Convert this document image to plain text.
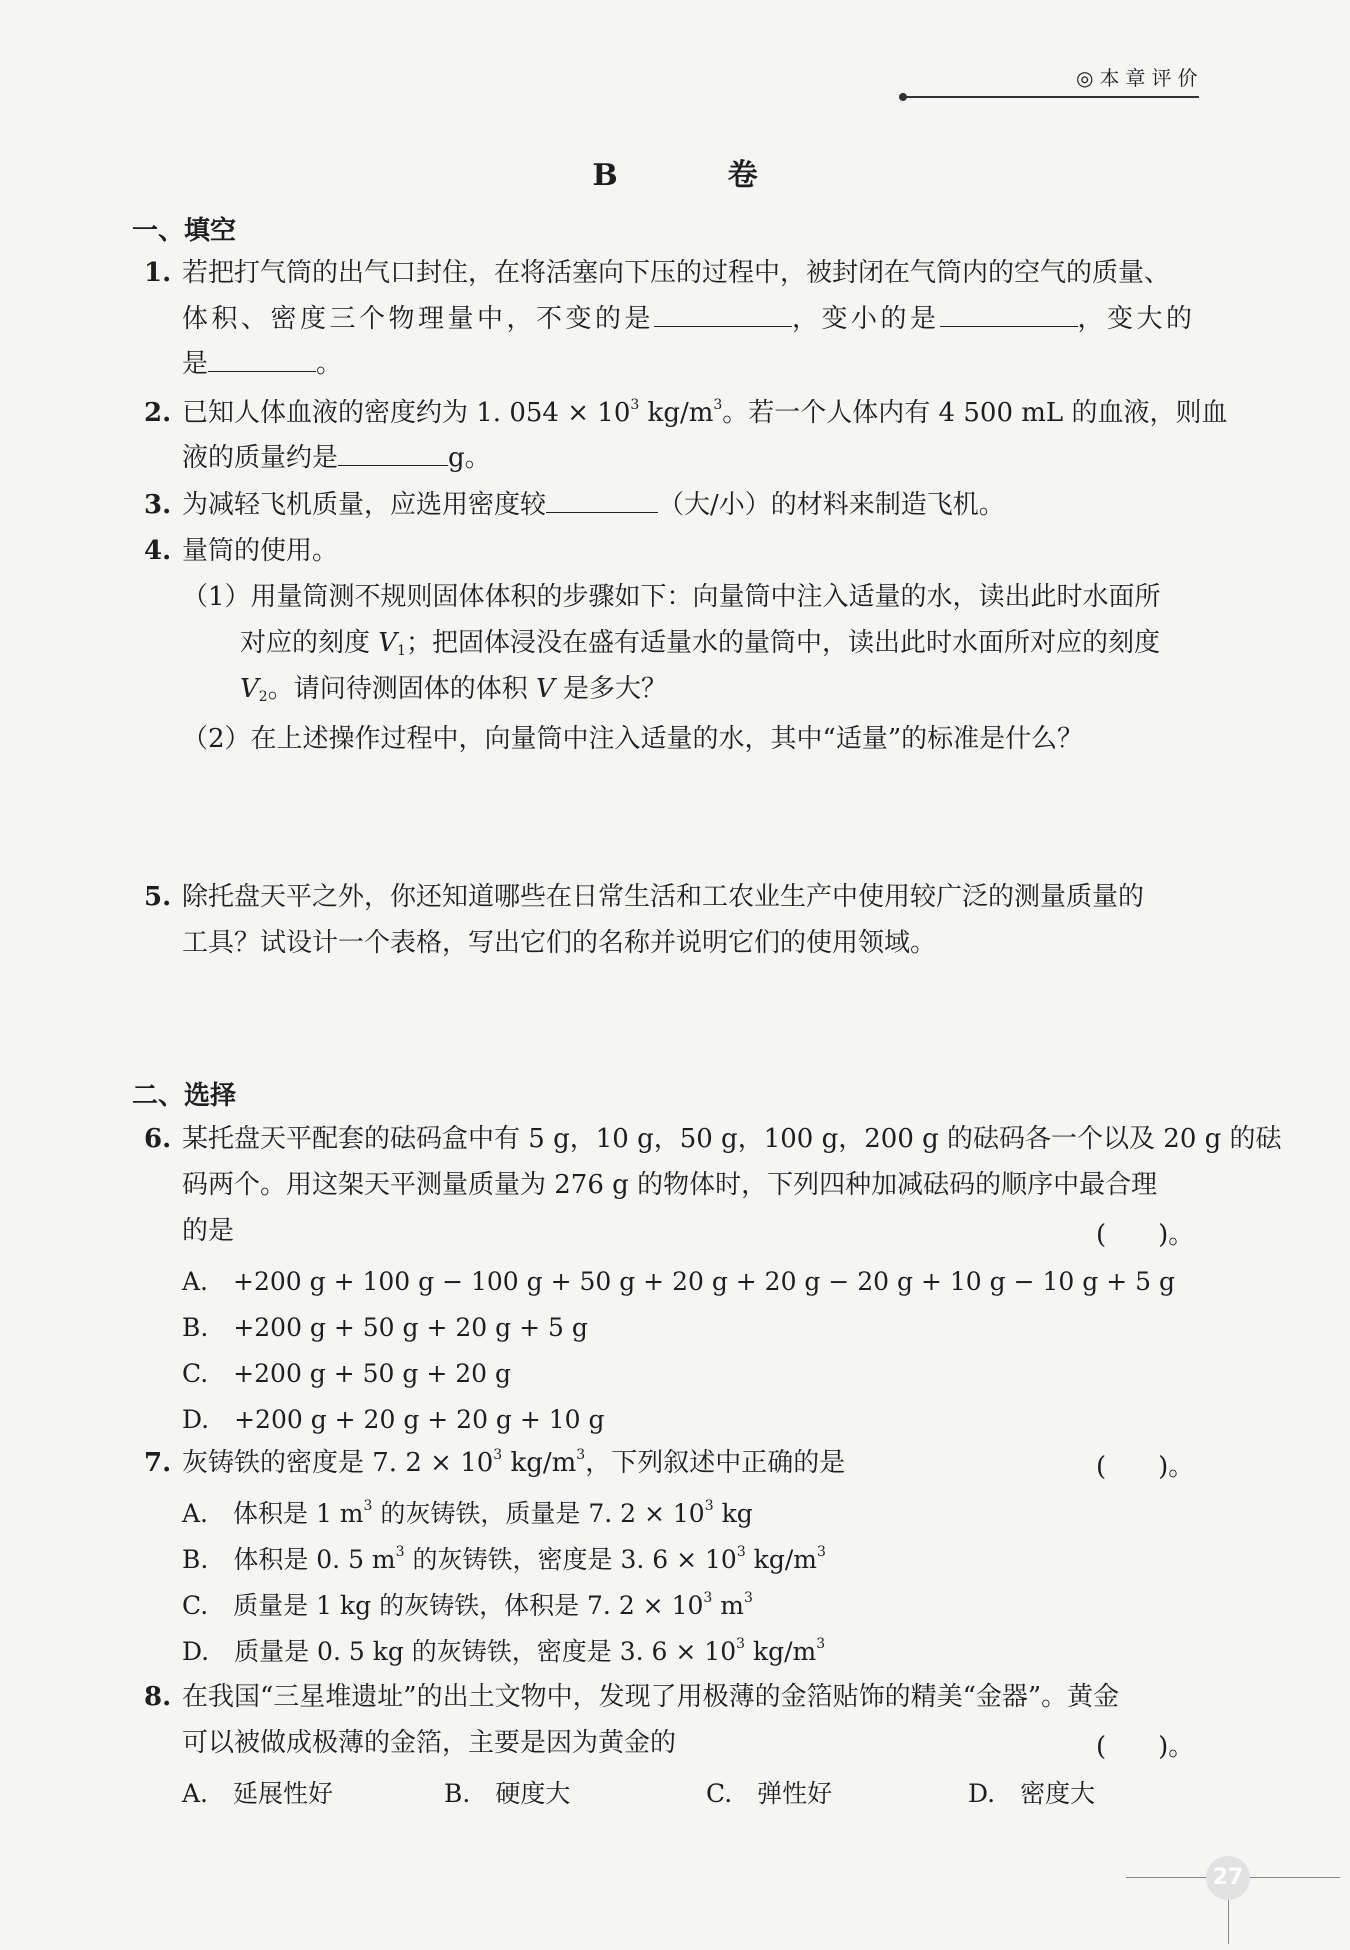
◎本章评价
B　卷
一、填空
1. 若把打气筒的出气口封住，在将活塞向下压的过程中，被封闭在气筒内的空气的质量、
体积、密度三个物理量中，不变的是	，变小的是	，变大的
是	。
2. 已知人体血液的密度约为 1. $054 \times 10^3$ $kg/m^3$。若一个人体内有 4 500 mL 的血液，则血
液的质量约是	g。
3. 为减轻飞机质量，应选用密度较	（大/小）的材料来制造飞机。
4. 量筒的使用。
（1）用量筒测不规则固体体积的步骤如下：向量筒中注入适量的水，读出此时水面所
对应的刻度 $V_1$；把固体浸没在盛有适量水的量筒中，读出此时水面所对应的刻度
$V_2$。请问待测固体的体积 V 是多大？
（2）在上述操作过程中，向量筒中注入适量的水，其中“适量”的标准是什么？
5. 除托盘天平之外，你还知道哪些在日常生活和工农业生产中使用较广泛的测量质量的
工具？试设计一个表格，写出它们的名称并说明它们的使用领域。
二、选择
6. 某托盘天平配套的砝码盒中有 5 g，10 g，50 g，100 g，200 g 的砝码各一个以及 20 g 的砝
码两个。用这架天平测量质量为 276 g 的物体时，下列四种加减砝码的顺序中最合理
的是	(　　)。
A.　+200 g + 100 g − 100 g + 50 g + 20 g + 20 g − 20 g + 10 g − 10 g + 5 g
B.　+200 g + 50 g + 20 g + 5 g
C.　+200 g + 50 g + 20 g
D.　+200 g + 20 g + 20 g + 10 g
7. 灰铸铁的密度是 7. $2 \times 10^3$ $kg/m^3$，下列叙述中正确的是	(　　)。
A.　体积是 1 $m^3$ 的灰铸铁，质量是 7. $2 \times 10^3$ kg
B.　体积是 0. 5 $m^3$ 的灰铸铁，密度是 3. $6 \times 10^3$ $kg/m^3$
C.　质量是 1 kg 的灰铸铁，体积是 7. $2 \times 10^3$ $m^3$
D.　质量是 0. 5 kg 的灰铸铁，密度是 3. $6 \times 10^3$ $kg/m^3$
8. 在我国“三星堆遗址”的出土文物中，发现了用极薄的金箔贴饰的精美“金器”。黄金
可以被做成极薄的金箔，主要是因为黄金的	(　　)。
A.　延展性好	B.　硬度大	C.　弹性好	D.　密度大
27
